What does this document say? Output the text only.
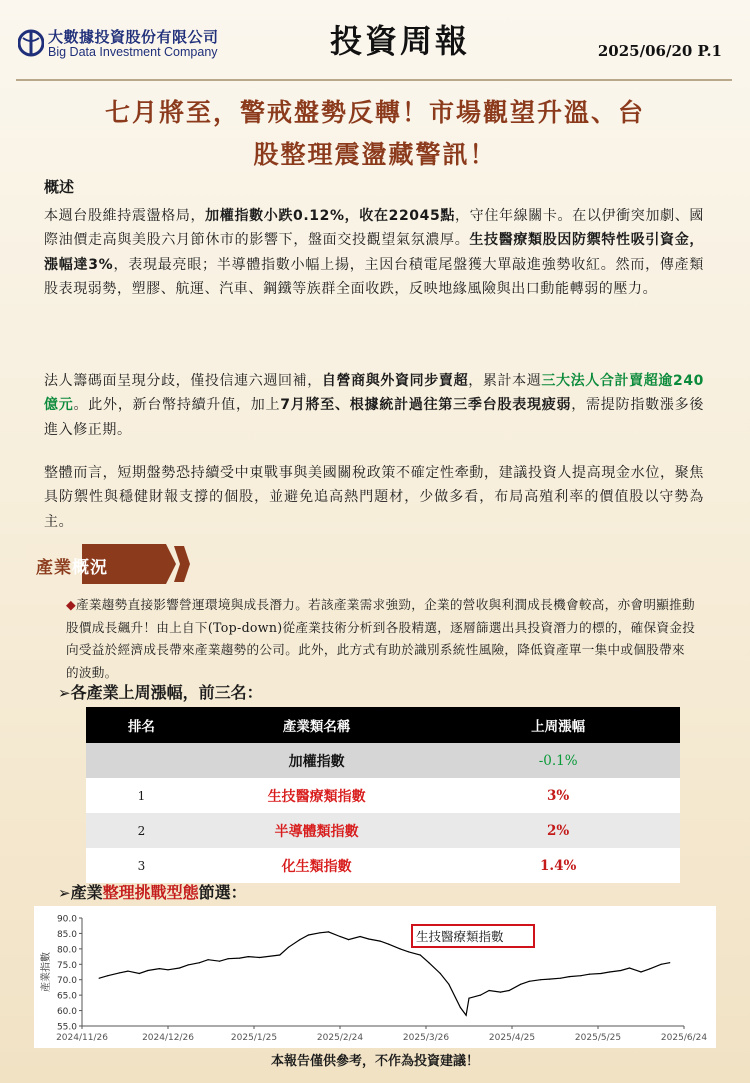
大數據投資股份有限公司
Big Data Investment Company	投資周報	2025/06/20 P.1
七月將至，警戒盤勢反轉！市場觀望升溫、台
股整理震盪藏警訊！
概述
本週台股維持震盪格局，加權指數小跌0.12%，收在22045點，守住年線關卡。在以伊衝突加劇、國際油價走高與美股六月節休市的影響下，盤面交投觀望氣氛濃厚。生技醫療類股因防禦特性吸引資金，漲幅達3%，表現最亮眼；半導體指數小幅上揚，主因台積電尾盤獲大單敲進強勢收紅。然而，傳產類股表現弱勢，塑膠、航運、汽車、鋼鐵等族群全面收跌，反映地緣風險與出口動能轉弱的壓力。
法人籌碼面呈現分歧，僅投信連六週回補，自營商與外資同步賣超，累計本週三大法人合計賣超逾240億元。此外，新台幣持續升值，加上7月將至、根據統計過往第三季台股表現疲弱，需提防指數漲多後進入修正期。
整體而言，短期盤勢恐持續受中東戰事與美國關稅政策不確定性牽動，建議投資人提高現金水位，聚焦具防禦性與穩健財報支撐的個股，並避免追高熱門題材，少做多看，布局高殖利率的價值股以守勢為主。
產業概況
◆產業趨勢直接影響營運環境與成長潛力。若該產業需求強勁，企業的營收與利潤成長機會較高，亦會明顯推動股價成長飆升！由上自下(Top-down)從產業技術分析到各股精選，逐層篩選出具投資潛力的標的，確保資金投向受益於經濟成長帶來產業趨勢的公司。此外，此方式有助於識別系統性風險，降低資產單一集中或個股帶來的波動。
➢各產業上周漲幅，前三名：
排名	產業類名稱	上周漲幅
	加權指數	-0.1%
1	生技醫療類指數	3%
2	半導體類指數	2%
3	化生類指數	1.4%
➢產業整理挑戰型態節選：
90.0
85.0
80.0
75.0
70.0
65.0
60.0
55.0
產業指數
2024/11/26	2024/12/26	2025/1/25	2025/2/24	2025/3/26	2025/4/25	2025/5/25	2025/6/24
生技醫療類指數
本報告僅供參考，不作為投資建議！
